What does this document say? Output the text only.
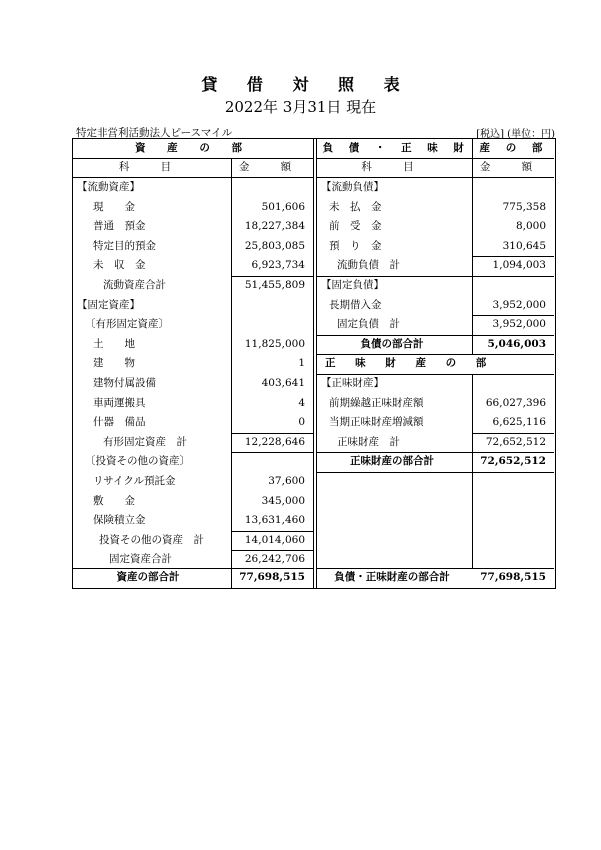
貸 借 対 照 表
2022年 3月31日 現在
特定非営利活動法人ピースマイル	[税込] (単位：円)
資 産 の 部
科 目	金 額
【流動資産】
現　　金	501,606
普通　預金	18,227,384
特定目的預金	25,803,085
未　収　金	6,923,734
流動資産合計	51,455,809
【固定資産】
〔有形固定資産〕
土　　地	11,825,000
建　　物	1
建物付属設備	403,641
車両運搬具	4
什器　備品	0
有形固定資産　計	12,228,646
〔投資その他の資産〕
リサイクル預託金	37,600
敷　　金	345,000
保険積立金	13,631,460
投資その他の資産　計	14,014,060
固定資産合計	26,242,706
資産の部合計	77,698,515
負 債 ・ 正 味 財 産 の 部
科 目	金 額
【流動負債】
未　払　金	775,358
前　受　金	8,000
預　り　金	310,645
流動負債　計	1,094,003
【固定負債】
長期借入金	3,952,000
固定負債　計	3,952,000
負債の部合計	5,046,003
正 味 財 産 の 部
【正味財産】
前期繰越正味財産額	66,027,396
当期正味財産増減額	6,625,116
正味財産　計	72,652,512
正味財産の部合計	72,652,512
負債・正味財産の部合計	77,698,515
